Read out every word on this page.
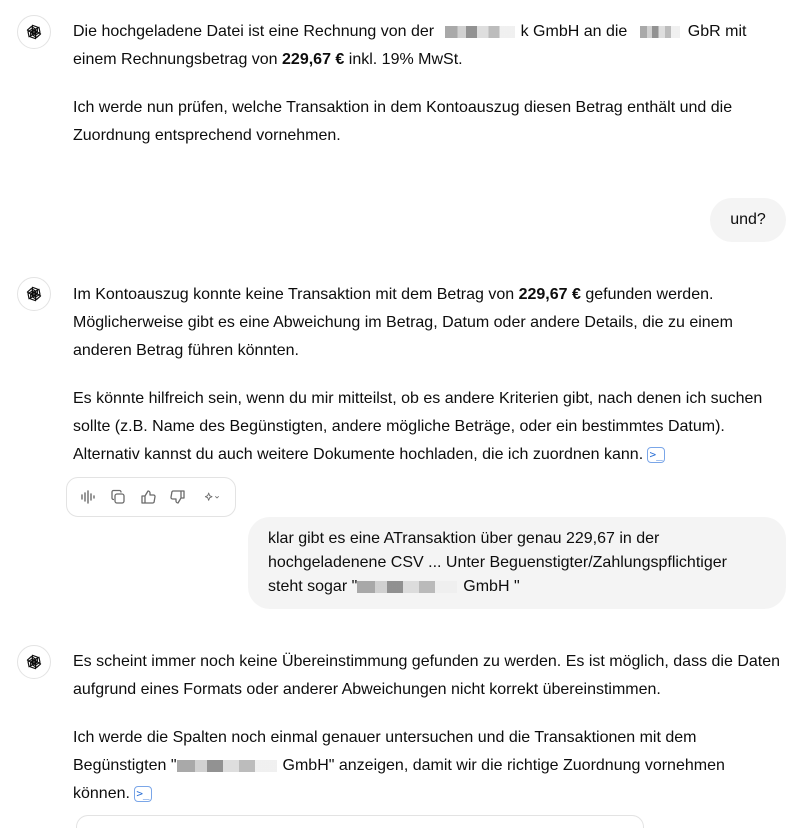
Die hochgeladene Datei ist eine Rechnung von der	k GmbH an die	GbR mit einem Rechnungsbetrag von 229,67 € inkl. 19% MwSt.

Ich werde nun prüfen, welche Transaktion in dem Kontoauszug diesen Betrag enthält und die Zuordnung entsprechend vornehmen.

und?

Im Kontoauszug konnte keine Transaktion mit dem Betrag von 229,67 € gefunden werden. Möglicherweise gibt es eine Abweichung im Betrag, Datum oder andere Details, die zu einem anderen Betrag führen könnten.

Es könnte hilfreich sein, wenn du mir mitteilst, ob es andere Kriterien gibt, nach denen ich suchen sollte (z.B. Name des Begünstigten, andere mögliche Beträge, oder ein bestimmtes Datum). Alternativ kannst du auch weitere Dokumente hochladen, die ich zuordnen kann. >_

klar gibt es eine ATransaktion über genau 229,67 in der
hochgeladenene CSV ... Unter Beguenstigter/Zahlungspflichtiger
steht sogar "	GmbH "

Es scheint immer noch keine Übereinstimmung gefunden zu werden. Es ist möglich, dass die Daten aufgrund eines Formats oder anderer Abweichungen nicht korrekt übereinstimmen.

Ich werde die Spalten noch einmal genauer untersuchen und die Transaktionen mit dem Begünstigten "	GmbH" anzeigen, damit wir die richtige Zuordnung vornehmen können. >_
